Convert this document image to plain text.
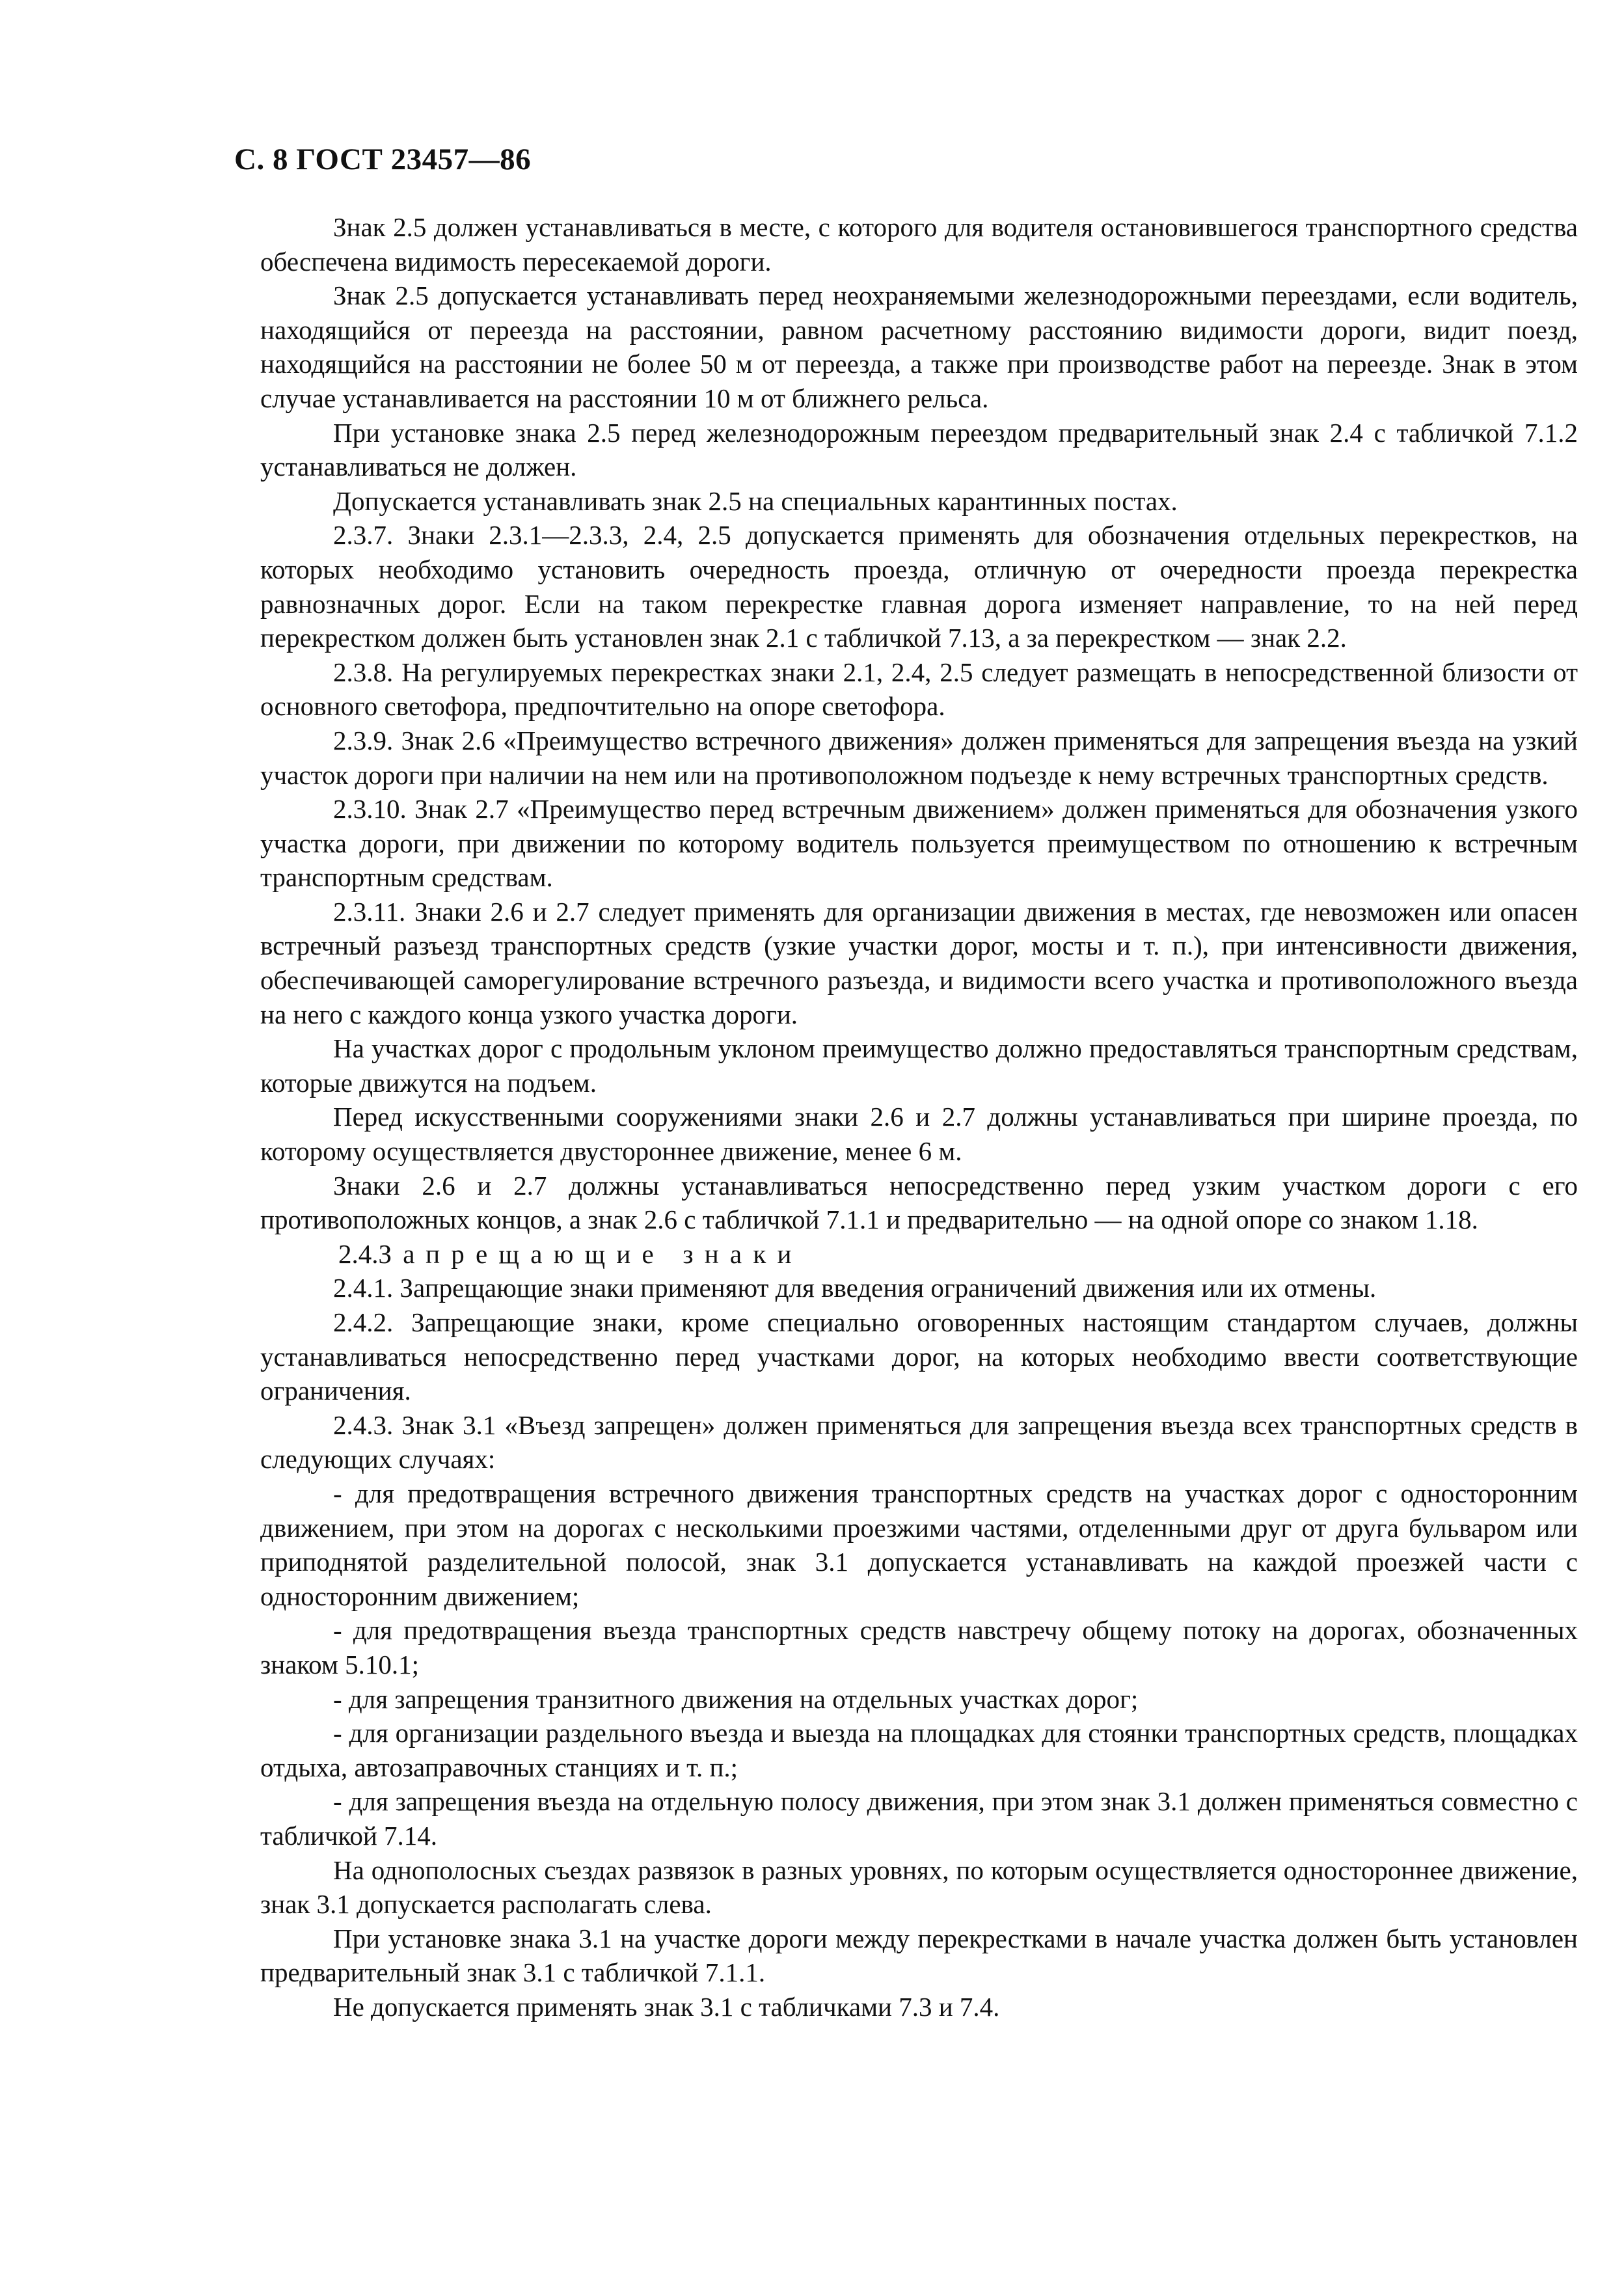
С. 8 ГОСТ 23457—86

Знак 2.5 должен устанавливаться в месте, с которого для водителя остановившегося транспортного средства обеспечена видимость пересекаемой дороги.

Знак 2.5 допускается устанавливать перед неохраняемыми железнодорожными переездами, если водитель, находящийся от переезда на расстоянии, равном расчетному расстоянию видимости дороги, видит поезд, находящийся на расстоянии не более 50 м от переезда, а также при производстве работ на переезде. Знак в этом случае устанавливается на расстоянии 10 м от ближнего рельса.

При установке знака 2.5 перед железнодорожным переездом предварительный знак 2.4 с табличкой 7.1.2 устанавливаться не должен.

Допускается устанавливать знак 2.5 на специальных карантинных постах.

2.3.7. Знаки 2.3.1—2.3.3, 2.4, 2.5 допускается применять для обозначения отдельных перекрестков, на которых необходимо установить очередность проезда, отличную от очередности проезда перекрестка равнозначных дорог. Если на таком перекрестке главная дорога изменяет направление, то на ней перед перекрестком должен быть установлен знак 2.1 с табличкой 7.13, а за перекрестком — знак 2.2.

2.3.8. На регулируемых перекрестках знаки 2.1, 2.4, 2.5 следует размещать в непосредственной близости от основного светофора, предпочтительно на опоре светофора.

2.3.9. Знак 2.6 «Преимущество встречного движения» должен применяться для запрещения въезда на узкий участок дороги при наличии на нем или на противоположном подъезде к нему встречных транспортных средств.

2.3.10. Знак 2.7 «Преимущество перед встречным движением» должен применяться для обозначения узкого участка дороги, при движении по которому водитель пользуется преимуществом по отношению к встречным транспортным средствам.

2.3.11. Знаки 2.6 и 2.7 следует применять для организации движения в местах, где невозможен или опасен встречный разъезд транспортных средств (узкие участки дорог, мосты и т. п.), при интенсивности движения, обеспечивающей саморегулирование встречного разъезда, и видимости всего участка и противоположного въезда на него с каждого конца узкого участка дороги.

На участках дорог с продольным уклоном преимущество должно предоставляться транспортным средствам, которые движутся на подъем.

Перед искусственными сооружениями знаки 2.6 и 2.7 должны устанавливаться при ширине проезда, по которому осуществляется двустороннее движение, менее 6 м.

Знаки 2.6 и 2.7 должны устанавливаться непосредственно перед узким участком дороги с его противоположных концов, а знак 2.6 с табличкой 7.1.1 и предварительно — на одной опоре со знаком 1.18.

2.4.Запрещающие знаки

2.4.1. Запрещающие знаки применяют для введения ограничений движения или их отмены.

2.4.2. Запрещающие знаки, кроме специально оговоренных настоящим стандартом случаев, должны устанавливаться непосредственно перед участками дорог, на которых необходимо ввести соответствующие ограничения.

2.4.3. Знак 3.1 «Въезд запрещен» должен применяться для запрещения въезда всех транспортных средств в следующих случаях:

- для предотвращения встречного движения транспортных средств на участках дорог с односторонним движением, при этом на дорогах с несколькими проезжими частями, отделенными друг от друга бульваром или приподнятой разделительной полосой, знак 3.1 допускается устанавливать на каждой проезжей части с односторонним движением;

- для предотвращения въезда транспортных средств навстречу общему потоку на дорогах, обозначенных знаком 5.10.1;

- для запрещения транзитного движения на отдельных участках дорог;

- для организации раздельного въезда и выезда на площадках для стоянки транспортных средств, площадках отдыха, автозаправочных станциях и т. п.;

- для запрещения въезда на отдельную полосу движения, при этом знак 3.1 должен применяться совместно с табличкой 7.14.

На однополосных съездах развязок в разных уровнях, по которым осуществляется одностороннее движение, знак 3.1 допускается располагать слева.

При установке знака 3.1 на участке дороги между перекрестками в начале участка должен быть установлен предварительный знак 3.1 с табличкой 7.1.1.

Не допускается применять знак 3.1 с табличками 7.3 и 7.4.
